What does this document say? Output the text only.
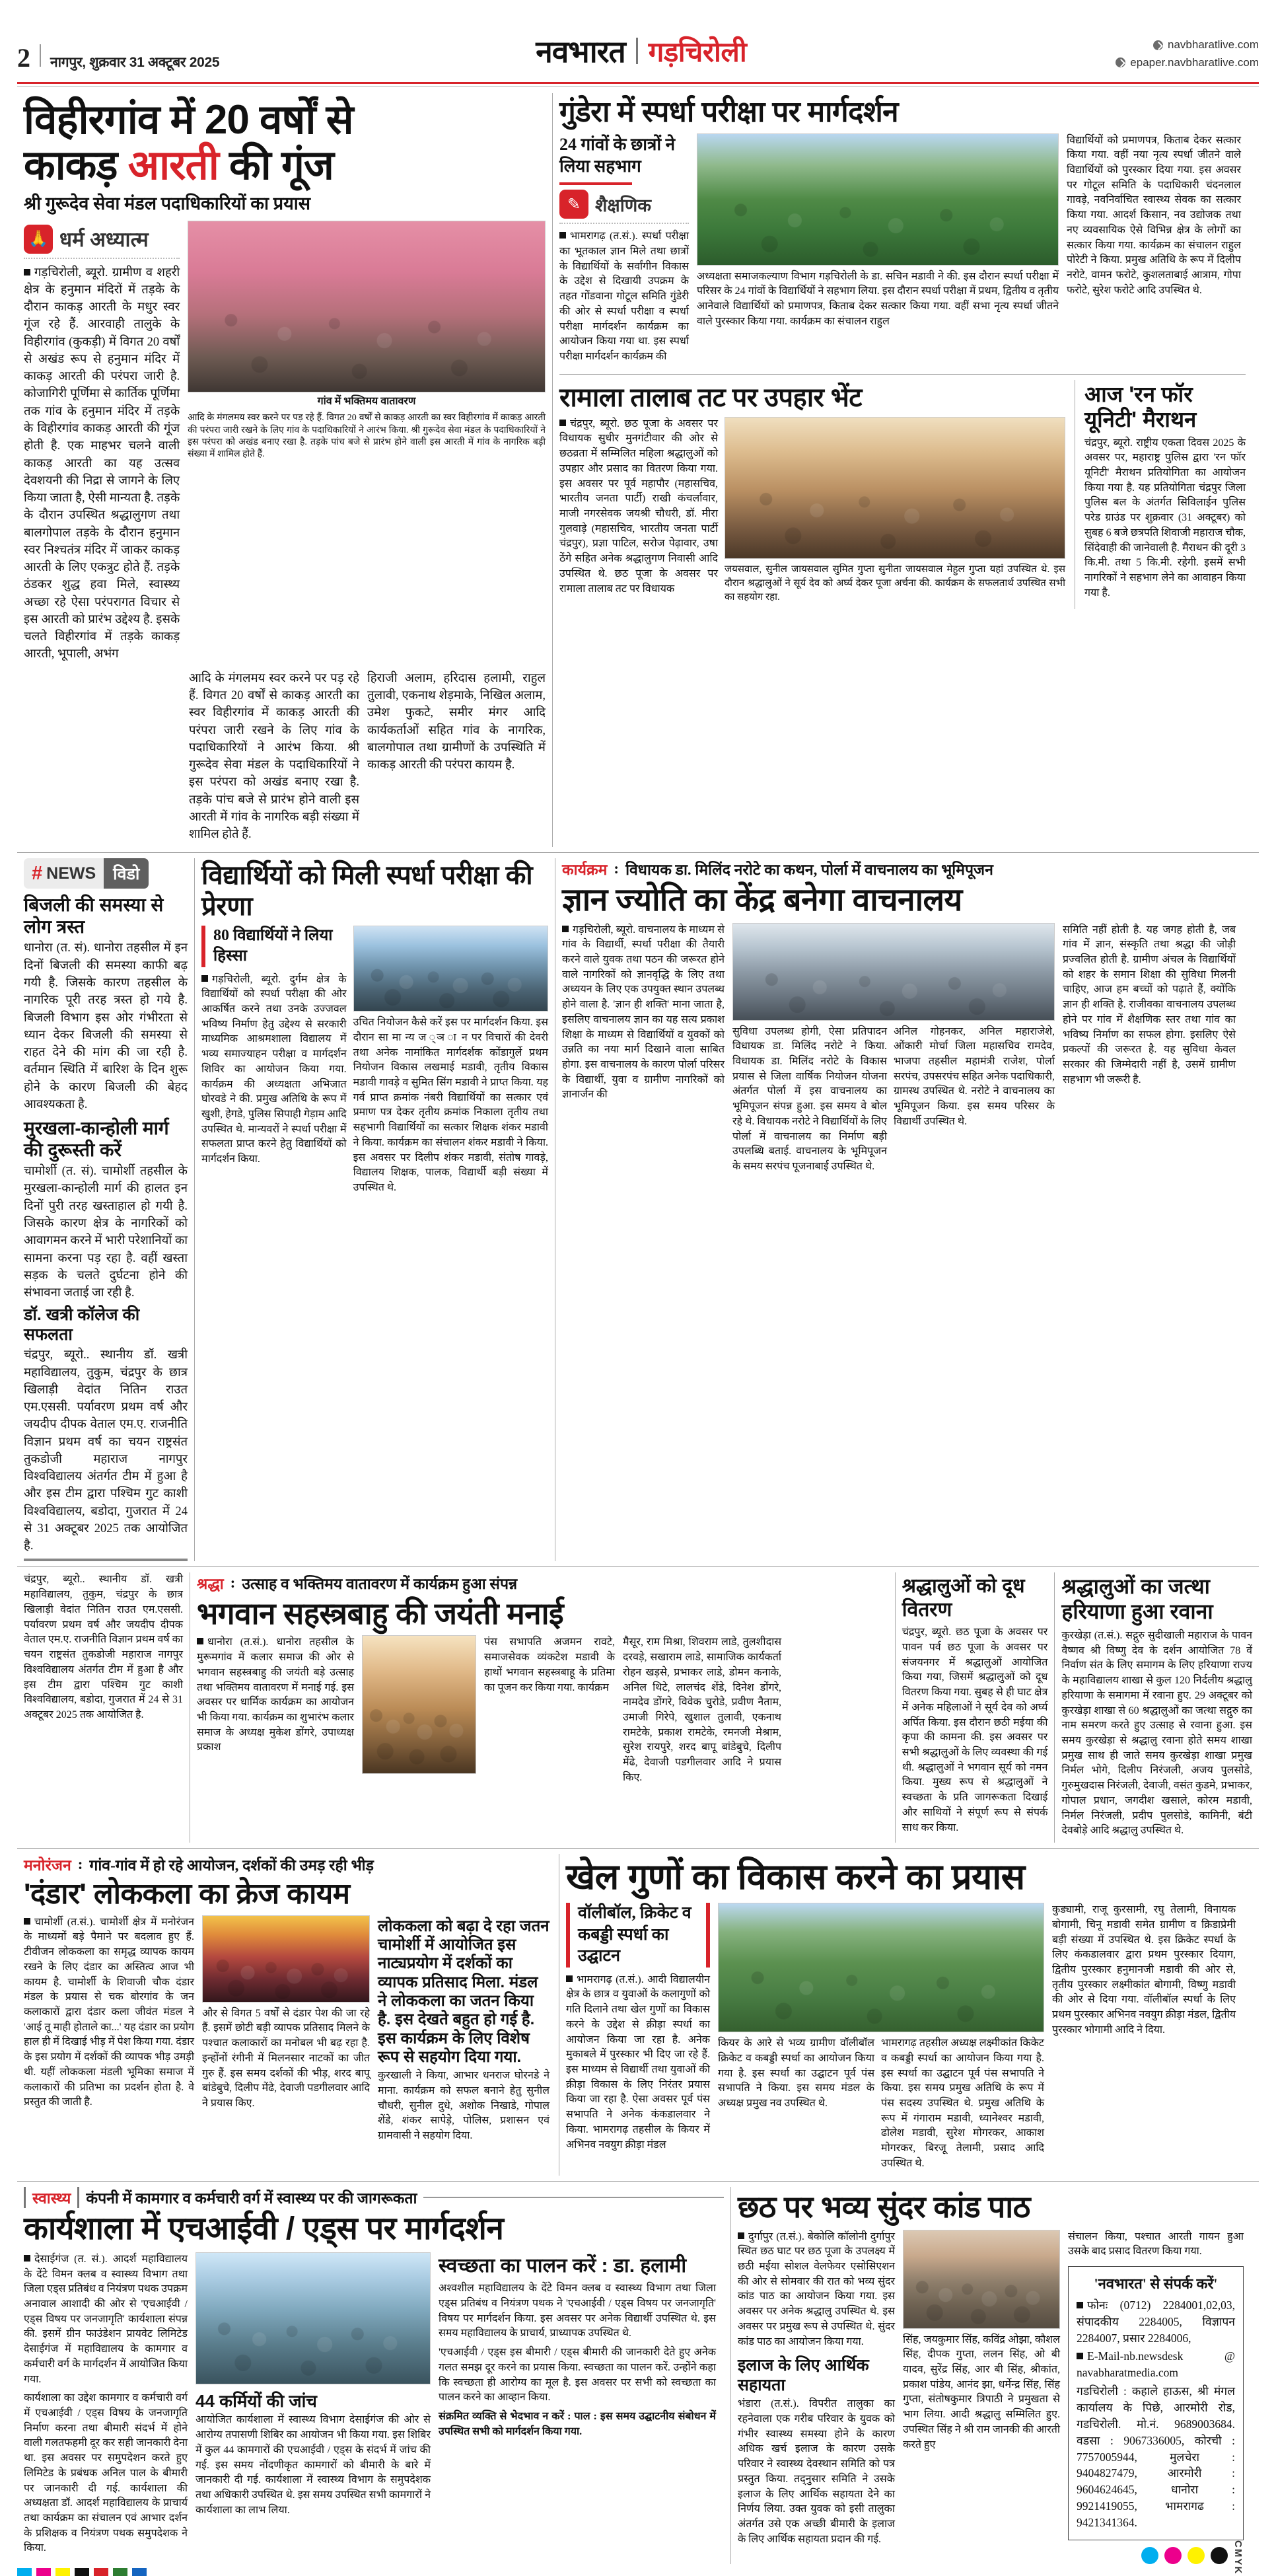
2 नागपुर, शुक्रवार 31 अक्टूबर 2025	नवभारत गड़चिरोली	navbharatlive.com
epaper.navbharatlive.com
विहीरगांव में 20 वर्षों से
काकड़ आरती की गूंज
श्री गुरूदेव सेवा मंडल पदाधिकारियों का प्रयास
🙏 धर्म अध्यात्म

गड़चिरोली, ब्यूरो. ग्रामीण व शहरी क्षेत्र के हनुमान मंदिरों में तड़के के दौरान काकड़ आरती के मधुर स्वर गूंज रहे हैं. आरवाही तालुके के विहीरगांव (कुकड़ी) में विगत 20 वर्षों से अखंड रूप से हनुमान मंदिर में काकड़ आरती की परंपरा जारी है. कोजागिरी पूर्णिमा से कार्तिक पूर्णिमा तक गांव के हनुमान मंदिर में तड़के के विहीरगांव काकड़ आरती की गूंज होती है. एक माहभर चलने वाली काकड़ आरती का यह उत्सव देवशयनी की निद्रा से जागने के लिए किया जाता है, ऐसी मान्यता है. तड़के के दौरान उपस्थित श्रद्धालुगण तथा बालगोपाल तड़के के दौरान हनुमान स्वर निश्चतंत्र मंदिर में जाकर काकड़ आरती के लिए एकत्रुट होते हैं. तड़के ठंडकर शुद्ध हवा मिले, स्वास्थ्य अच्छा रहे ऐसा परंपरागत विचार से इस आरती को प्रारंभ उद्देश्य है. इसके चलते विहीरगांव में तड़के काकड़ आरती, भूपाली, अभंग

गांव में भक्तिमय वातावरण

आदि के मंगलमय स्वर करने पर पड़ रहे हैं. विगत 20 वर्षों से काकड़ आरती का स्वर विहीरगांव में काकड़ आरती की परंपरा जारी रखने के लिए गांव के पदाधिकारियों ने आरंभ किया. श्री गुरूदेव सेवा मंडल के पदाधिकारियों ने इस परंपरा को अखंड बनाए रखा है. तड़के पांच बजे से प्रारंभ होने वाली इस आरती में गांव के नागरिक बड़ी संख्या में शामिल होते हैं.

आदि के मंगलमय स्वर करने पर पड़ रहे हैं. विगत 20 वर्षों से काकड़ आरती का स्वर विहीरगांव में काकड़ आरती की परंपरा जारी रखने के लिए गांव के पदाधिकारियों ने आरंभ किया. श्री गुरूदेव सेवा मंडल के पदाधिकारियों ने इस परंपरा को अखंड बनाए रखा है. तड़के पांच बजे से प्रारंभ होने वाली इस आरती में गांव के नागरिक बड़ी संख्या में शामिल होते हैं.

हिराजी अलाम, हरिदास हलामी, राहुल तुलावी, एकनाथ शेड़माके, निखिल अलाम, उमेश फुकटे, समीर मंगर आदि कार्यकर्ताओं सहित गांव के नागरिक, बालगोपाल तथा ग्रामीणों के उपस्थिति में काकड़ आरती की परंपरा कायम है.

गुंडेरा में स्पर्धा परीक्षा पर मार्गदर्शन
24 गांवों के छात्रों ने लिया सहभाग
✎ शैक्षणिक

भामरागढ़ (त.सं.). स्पर्धा परीक्षा का भूतकाल ज्ञान मिले तथा छात्रों के विद्यार्थियों के सर्वांगीन विकास के उद्देश से दिखायी उपक्रम के तहत गोंडवाना गोटूल समिति गुंडेरी की ओर से स्पर्धा परीक्षा व स्पर्धा परीक्षा मार्गदर्शन कार्यक्रम का आयोजन किया गया था. इस स्पर्धा परीक्षा मार्गदर्शन कार्यक्रम की

अध्यक्षता समाजकल्याण विभाग गड़चिरोली के डा. सचिन मडावी ने की. इस दौरान स्पर्धा परीक्षा में परिसर के 24 गांवों के विद्यार्थियों ने सहभाग लिया. इस दौरान स्पर्धा परीक्षा में प्रथम, द्वितीय व तृतीय आनेवाले विद्यार्थियों को प्रमाणपत्र, किताब देकर सत्कार किया गया. वहीं सभा नृत्य स्पर्धा जीतने वाले पुरस्कार किया गया. कार्यक्रम का संचालन राहुल

विद्यार्थियों को प्रमाणपत्र, किताब देकर सत्कार किया गया. वहीं नया नृत्य स्पर्धा जीतने वाले विद्यार्थियों को पुरस्कार दिया गया. इस अवसर पर गोटूल समिति के पदाधिकारी चंदनलाल गावड़े, नवनिर्वाचित स्वास्थ्य सेवक का सत्कार किया गया. आदर्श किसान, नव उद्योजक तथा नए व्यवसायिक ऐसे विभिन्न क्षेत्र के लोगों का सत्कार किया गया. कार्यक्रम का संचालन राहुल पोरेटी ने किया. प्रमुख अतिथि के रूप में दिलीप नरोटे, वामन फरोटे, कुशलताबाई आत्राम, गोपा फरोटे, सुरेश फरोटे आदि उपस्थित थे.

रामाला तालाब तट पर उपहार भेंट

चंद्रपुर, ब्यूरो. छठ पूजा के अवसर पर विधायक सुधीर मुनगंटीवार की ओर से छठव्रता में सम्मिलित महिला श्रद्धालुओं को उपहार और प्रसाद का वितरण किया गया. इस अवसर पर पूर्व महापौर (महासचिव, भारतीय जनता पार्टी) राखी कंचर्लावार, माजी नगरसेवक जयश्री चौधरी, डॉ. मीरा गुलवाड़े (महासचिव, भारतीय जनता पार्टी चंद्रपुर), प्रज्ञा पाटिल, सरोज पेढ़ावार, उषा ठेंगे सहित अनेक श्रद्धालुगण निवासी आदि उपस्थित थे. छठ पूजा के अवसर पर रामाला तालाब तट पर विधायक

जयसवाल, सुनील जायसवाल सुमित गुप्ता सुनीता जायसवाल मेहुल गुप्ता यहां उपस्थित थे. इस दौरान श्रद्धालुओं ने सूर्य देव को अर्घ्य देकर पूजा अर्चना की. कार्यक्रम के सफलतार्थ उपस्थित सभी का सहयोग रहा.

आज 'रन फॉर यूनिटी' मैराथन

चंद्रपुर, ब्यूरो. राष्ट्रीय एकता दिवस 2025 के अवसर पर, महाराष्ट्र पुलिस द्वारा 'रन फॉर यूनिटी' मैराथन प्रतियोगिता का आयोजन किया गया है. यह प्रतियोगिता चंद्रपुर जिला पुलिस बल के अंतर्गत सिविलाईन पुलिस परेड ग्राउंड पर शुक्रवार (31 अक्टूबर) को सुबह 6 बजे छत्रपति शिवाजी महाराज चौक, सिंदेवाही की जानेवाली है. मैराथन की दूरी 3 कि.मी. तथा 5 कि.मी. रहेगी. इसमें सभी नागरिकों ने सहभाग लेने का आवाहन किया गया है.

# NEWS	विडो
बिजली की समस्या से लोग त्रस्त

धानोरा (त. सं). धानोरा तहसील में इन दिनों बिजली की समस्या काफी बढ़ गयी है. जिसके कारण तहसील के नागरिक पूरी तरह त्रस्त हो गये है. बिजली विभाग इस ओर गंभीरता से ध्यान देकर बिजली की समस्या से राहत देने की मांग की जा रही है. वर्तमान स्थिति में बारिश के दिन शुरू होने के कारण बिजली की बेहद आवश्यकता है.

मुरखला-कान्होली मार्ग की दुरूस्ती करें

चामोर्शी (त. सं). चामोर्शी तहसील के मुरखला-कान्होली मार्ग की हालत इन दिनों पुरी तरह खस्ताहाल हो गयी है. जिसके कारण क्षेत्र के नागरिकों को आवागमन करने में भारी परेशानियों का सामना करना पड़ रहा है. वहीं खस्ता सड़क के चलते दुर्घटना होने की संभावना जताई जा रही है.

डॉ. खत्री कॉलेज की सफलता

चंद्रपुर, ब्यूरो.. स्थानीय डॉ. खत्री महाविद्यालय, तुकुम, चंद्रपुर के छात्र खिलाड़ी वेदांत नितिन राउत एम.एससी. पर्यावरण प्रथम वर्ष और जयदीप दीपक वेताल एम.ए. राजनीति विज्ञान प्रथम वर्ष का चयन राष्ट्रसंत तुकडोजी महाराज नागपुर विश्वविद्यालय अंतर्गत टीम में हुआ है और इस टीम द्वारा पश्चिम गुट काशी विश्वविद्यालय, बडोदा, गुजरात में 24 से 31 अक्टूबर 2025 तक आयोजित है.

विद्यार्थियों को मिली स्पर्धा परीक्षा की प्रेरणा
80 विद्यार्थियों ने लिया हिस्सा

गड़चिरोली, ब्यूरो. दुर्गम क्षेत्र के विद्यार्थियों को स्पर्धा परीक्षा की ओर आकर्षित करने तथा उनके उज्जवल भविष्य निर्माण हेतु उद्देश्य से सरकारी माध्यमिक आश्रमशाला विद्यालय में भव्य समाज्याहन परीक्षा व मार्गदर्शन शिविर का आयोजन किया गया. कार्यक्रम की अध्यक्षता अभिजात घोरवडे ने की. प्रमुख अतिथि के रूप में खुशी, हेगडे, पुलिस सिपाही गेड़ाम आदि उपस्थित थे. मान्यवरों ने स्पर्धा परीक्षा में सफलता प्राप्त करने हेतु विद्यार्थियों को मार्गदर्शन किया.

उचित नियोजन कैसे करें इस पर मार्गदर्शन किया. इस दौरान सा मा न्य ज ्ञ ा न पर विचारों की देवरी तथा अनेक नामांकित मार्गदर्शक कोंडागुर्ले प्रथम नियोजन विकास लखमाई मडावी, तृतीय विकास मडावी गावड़े व सुमित सिंग मडावी ने प्राप्त किया. यह गर्व प्राप्त क्रमांक नंबरी विद्यार्थियों का सत्कार एवं प्रमाण पत्र देकर तृतीय क्रमांक निकाला तृतीय तथा सहभागी विद्यार्थियों का सत्कार शिक्षक शंकर मडावी ने किया. कार्यक्रम का संचालन शंकर मडावी ने किया. इस अवसर पर दिलीप शंकर मडावी, संतोष गावड़े, विद्यालय शिक्षक, पालक, विद्यार्थी बड़ी संख्या में उपस्थित थे.

कार्यक्रम : विधायक डा. मिलिंद नरोटे का कथन, पोर्ला में वाचनालय का भूमिपूजन
ज्ञान ज्योति का केंद्र बनेगा वाचनालय

गड़चिरोली, ब्यूरो. वाचनालय के माध्यम से गांव के विद्यार्थी, स्पर्धा परीक्षा की तैयारी करने वाले युवक तथा पठन की जरूरत होने वाले नागरिकों को ज्ञानवृद्धि के लिए तथा अध्ययन के लिए एक उपयुक्त स्थान उपलब्ध होने वाला है. 'ज्ञान ही शक्ति' माना जाता है, इसलिए वाचनालय ज्ञान का यह सत्य प्रकाश शिक्षा के माध्यम से विद्यार्थियों व युवकों को उन्नति का नया मार्ग दिखाने वाला साबित होगा. इस वाचनालय के कारण पोर्ला परिसर के विद्यार्थी, युवा व ग्रामीण नागरिकों को ज्ञानार्जन की

सुविधा उपलब्ध होगी, ऐसा प्रतिपादन विधायक डा. मिलिंद नरोटे ने किया. विधायक डा. मिलिंद नरोटे के विकास प्रयास से जिला वार्षिक नियोजन योजना अंतर्गत पोर्ला में इस वाचनालय का भूमिपूजन संपन्न हुआ. इस समय वे बोल रहे थे. विधायक नरोटे ने विद्यार्थियों के लिए पोर्ला में वाचनालय का निर्माण बड़ी उपलब्धि बताई. वाचनालय के भूमिपूजन के समय सरपंच पूजनाबाई उपस्थित थे.

अनिल गोहनकर, अनिल महाराजेशे, ओंकारी मोर्चा जिला महासचिव रामदेव, भाजपा तहसील महामंत्री राजेश, पोर्ला सरपंच, उपसरपंच सहित अनेक पदाधिकारी, ग्रामस्थ उपस्थित थे. नरोटे ने वाचनालय का भूमिपूजन किया. इस समय परिसर के विद्यार्थी उपस्थित थे.

समिति नहीं होती है. यह जगह होती है, जब गांव में ज्ञान, संस्कृति तथा श्रद्धा की जोड़ी प्रज्वलित होती है. ग्रामीण अंचल के विद्यार्थियों को शहर के समान शिक्षा की सुविधा मिलनी चाहिए, आज हम बच्चों को पढ़ाते हैं, क्योंकि ज्ञान ही शक्ति है. राजीवका वाचनालय उपलब्ध होने पर गांव में शैक्षणिक स्तर तथा गांव का भविष्य निर्माण का सफल होगा. इसलिए ऐसे प्रकल्पों की जरूरत है. यह सुविधा केवल सरकार की जिम्मेदारी नहीं है, उसमें ग्रामीण सहभाग भी जरूरी है.

चंद्रपुर, ब्यूरो.. स्थानीय डॉ. खत्री महाविद्यालय, तुकुम, चंद्रपुर के छात्र खिलाड़ी वेदांत नितिन राउत एम.एससी. पर्यावरण प्रथम वर्ष और जयदीप दीपक वेताल एम.ए. राजनीति विज्ञान प्रथम वर्ष का चयन राष्ट्रसंत तुकडोजी महाराज नागपुर विश्वविद्यालय अंतर्गत टीम में हुआ है और इस टीम द्वारा पश्चिम गुट काशी विश्वविद्यालय, बडोदा, गुजरात में 24 से 31 अक्टूबर 2025 तक आयोजित है.

श्रद्धा : उत्साह व भक्तिमय वातावरण में कार्यक्रम हुआ संपन्न
भगवान सहस्त्रबाहु की जयंती मनाई

धानोरा (त.सं.). धानोरा तहसील के मुरूमगांव में कलार समाज की ओर से भगवान सहस्त्रबाहु की जयंती बड़े उत्साह तथा भक्तिमय वातावरण में मनाई गई. इस अवसर पर धार्मिक कार्यक्रम का आयोजन भी किया गया. कार्यक्रम का शुभारंभ कलार समाज के अध्यक्ष मुकेश डोंगरे, उपाध्यक्ष प्रकाश

पंस सभापति अजमन रावटे, समाजसेवक व्यंकटेश मडावी के हाथों भगवान सहस्त्रबाहू के प्रतिमा का पूजन कर किया गया. कार्यक्रम

मैसूर, राम मिश्रा, शिवराम लाडे, तुलशीदास दरवड़े, सखाराम लाडे, सामाजिक कार्यकर्ता रोहन खड़से, प्रभाकर लाडे, डोमन कनाके, अनिल थिटे, लालचंद शेंडे, दिनेश डोंगरे, नामदेव डोंगरे, विवेक चुरोडे, प्रवीण नैताम, उमाजी गिरेपे, खुशाल तुलावी, एकनाथ रामटेके, प्रकाश रामटेके, रमनजी मेश्राम, सुरेश रायपुरे, शरद बापू बांडेबुचे, दिलीप मेंढे, देवाजी पडगीलवार आदि ने प्रयास किए.

श्रद्धालुओं को दूध वितरण

चंद्रपुर, ब्यूरो. छठ पूजा के अवसर पर पावन पर्व छठ पूजा के अवसर पर संजयनगर में श्रद्धालुओं आयोजित किया गया, जिसमें श्रद्धालुओं को दूध वितरण किया गया. सुबह से ही घाट क्षेत्र में अनेक महिलाओं ने सूर्य देव को अर्घ्य अर्पित किया. इस दौरान छठी मईया की कृपा की कामना की. इस अवसर पर सभी श्रद्धालुओं के लिए व्यवस्था की गई थी. श्रद्धालुओं ने भगवान सूर्य को नमन किया. मुख्य रूप से श्रद्धालुओं ने स्वच्छता के प्रति जागरूकता दिखाई और साथियों ने संपूर्ण रूप से संपर्क साध कर किया.

श्रद्धालुओं का जत्था हरियाणा हुआ रवाना

कुरखेड़ा (त.सं.). सद्गुरु सुदीखाली महाराज के पावन वैष्णव श्री विष्णु देव के दर्शन आयोजित 78 वें निर्वाण संत के लिए समागम के लिए हरियाणा राज्य के महाविद्यालय शाखा से कुल 120 निर्दलीय श्रद्धालु हरियाणा के समागमा में रवाना हुए. 29 अक्टूबर को कुरखेड़ा शाखा से 60 श्रद्धालुओं का जत्था सद्गुरु का नाम समरण करते हुए उत्साह से रवाना हुआ. इस समय कुरखेड़ा से श्रद्धालु रवाना होते समय शाखा प्रमुख साथ ही जाते समय कुरखेड़ा शाखा प्रमुख निर्मल भोगे, दिलीप निरंजली, अजय पुलसोडे, गुरुमुखदास निरंजली, देवाजी, वसंत कुडमे, प्रभाकर, गोपाल प्रधान, जगदीश खसाले, कोरम मडावी, निर्मल निरंजली, प्रदीप पुलसोडे, कामिनी, बंटी देवबोड़े आदि श्रद्धालु उपस्थित थे.

मनोरंजन : गांव-गांव में हो रहे आयोजन, दर्शकों की उमड़ रही भीड़
'दंडार' लोककला का क्रेज कायम

चामोर्शी (त.सं.). चामोर्शी क्षेत्र में मनोरंजन के माध्यमों बड़े पैमाने पर बदलाव हुए हैं. टीवीजन लोककला का समृद्ध व्यापक कायम रखने के लिए दंडार का अस्तित्व आज भी कायम है. चामोर्शी के शिवाजी चौक दंडार मंडल के प्रयास से चक बोरगांव के जन कलाकारों द्वारा दंडार कला जीवंत मंडल ने 'आई तू माही होताले का...' यह दंडार का प्रयोग हाल ही में दिखाई भीड़ में पेश किया गया. दंडार के इस प्रयोग में दर्शकों की व्यापक भीड़ उमड़ी थी. यहीं लोककला मंडली भूमिका समाज में कलाकारों की प्रतिभा का प्रदर्शन होता है. वे प्रस्तुत की जाती है.

और से विगत 5 वर्षों से दंडार पेश की जा रहे हैं. इसमें छोटी बड़ी व्यापक प्रतिसाद मिलने के पश्चात कलाकारों का मनोबल भी बढ़ रहा है. इन्होंनों रंगीनी में मिलनसार नाटकों का जीत गुरु हैं. इस समय दर्शकों की भीड़, शरद बापू बांडेबुचे, दिलीप मेंढे, देवाजी पडगीलवार आदि ने प्रयास किए.

लोककला को बढ़ा दे रहा जतन चामोर्शी में आयोजित इस नाट्यप्रयोग में दर्शकों का व्यापक प्रतिसाद मिला. मंडल ने लोककला का जतन किया है. इस देखते बहुत हो गई है. इस कार्यक्रम के लिए विशेष रूप से सहयोग दिया गया.

कुरखाली ने किया, आभार धनराज घोरनडे ने माना. कार्यक्रम को सफल बनाने हेतु सुनील चौधरी, सुनील दुधे, अशोक निखाडे, गोपाल शेंडे, शंकर सापेड़े, पोलिस, प्रशासन एवं ग्रामवासी ने सहयोग दिया.

खेल गुणों का विकास करने का प्रयास
वॉलीबॉल, क्रिकेट व कबड्डी स्पर्धा का उद्घाटन

भामरागढ़ (त.सं.). आदी विद्यालयीन क्षेत्र के छात्र व युवाओं के कलागुणों को गति दिलाने तथा खेल गुणों का विकास करने के उद्देश से क्रीड़ा स्पर्धा का आयोजन किया जा रहा है. अनेक मुकाबले में पुरस्कार भी दिए जा रहे हैं. इस माध्यम से विद्यार्थी तथा युवाओं की क्रीड़ा विकास के लिए निरंतर प्रयास किया जा रहा है. ऐसा अवसर पूर्व पंस सभापति ने अनेक कंकडालवार ने किया. भामरागढ़ तहसील के कियर में अभिनव नवयुग क्रीड़ा मंडल

कियर के आरे से भव्य ग्रामीण वॉलीबॉल क्रिकेट व कबड्डी स्पर्धा का आयोजन किया गया है. इस स्पर्धा का उद्घाटन पूर्व पंस सभापति ने किया. इस समय मंडल के अध्यक्ष प्रमुख नव उपस्थित थे.

भामरागढ़ तहसील अध्यक्ष लक्ष्मीकांत किकेट व कबड्डी स्पर्धा का आयोजन किया गया है. इस स्पर्धा का उद्घाटन पूर्व पंस सभापति ने किया. इस समय प्रमुख अतिथि के रूप में पंस सदस्य उपस्थित थे. प्रमुख अतिथि के रूप में गंगाराम मडावी, ध्यानेश्वर मडावी, ढोलेश मडावी, सुरेश मोगरकर, आकाश मोगरकर, बिरजू तेलामी, प्रसाद आदि उपस्थित थे.

कुड्यामी, राजू कुरसामी, रघु तेलामी, विनायक बोगामी, चिनू मडावी समेत ग्रामीण व क्रिडाप्रेमी बड़ी संख्या में उपस्थित थे. इस क्रिकेट स्पर्धा के लिए कंकडालवार द्वारा प्रथम पुरस्कार दियाग, द्वितीय पुरस्कार हनुमानजी मडावी की ओर से, तृतीय पुरस्कार लक्ष्मीकांत बोगामी, विष्णु मडावी की ओर से दिया गया. वॉलीबॉल स्पर्धा के लिए प्रथम पुरस्कार अभिनव नवयुग क्रीड़ा मंडल, द्वितीय पुरस्कार भोगामी आदि ने दिया.

स्वास्थ्य कंपनी में कामगार व कर्मचारी वर्ग में स्वास्थ्य पर की जागरूकता
कार्यशाला में एचआईवी / एड्स पर मार्गदर्शन

देसाईगंज (त. सं.). आदर्श महाविद्यालय के देंटे विमन क्लब व स्वास्थ्य विभाग तथा जिला एड्स प्रतिबंध व नियंत्रण पथक उपक्रम अनावाल आशादी की ओर से 'एचआईवी / एड्स विषय पर जनजागृति' कार्यशाला संपन्न की. इसमें ग्रीन फाउंडेशन प्रायवेट लिमिटेड देसाईगंज में महाविद्यालय के कामगार व कर्मचारी वर्ग के मार्गदर्शन में आयोजित किया गया.

कार्यशाला का उद्देश कामगार व कर्मचारी वर्ग में एचआईवी / एड्स विषय के जनजागृति निर्माण करना तथा बीमारी संदर्भ में होने वाली गलतफहमी दूर कर सही जानकारी देना था. इस अवसर पर समुपदेशन करते हुए लिमिटेड के प्रबंधक अनिल पाल के बीमारी पर जानकारी दी गई. कार्यशाला की अध्यक्षता डॉ. आदर्श महाविद्यालय के प्राचार्य तथा कार्यक्रम का संचालन एवं आभार दर्शन के प्रशिक्षक व नियंत्रण पथक समुपदेशक ने किया.

44 कर्मियों की जांच

आयोजित कार्यशाला में स्वास्थ्य विभाग देसाईगंज की ओर से आरोग्य तपासणी शिबिर का आयोजन भी किया गया. इस शिबिर में कुल 44 कामगारों की एचआईवी / एड्स के संदर्भ में जांच की गई. इस समय नोंदणीकृत कामगारों को बीमारी के बारे में जानकारी दी गई. कार्यशाला में स्वास्थ्य विभाग के समुपदेशक तथा अधिकारी उपस्थित थे. इस समय उपस्थित सभी कामगारों ने कार्यशाला का लाभ लिया.

स्वच्छता का पालन करें : डा. हलामी

अश्वशील महाविद्यालय के देंटे विमन क्लब व स्वास्थ्य विभाग तथा जिला एड्स प्रतिबंध व नियंत्रण पथक ने 'एचआईवी / एड्स विषय पर जनजागृति' विषय पर मार्गदर्शन किया. इस अवसर पर अनेक विद्यार्थी उपस्थित थे. इस समय महाविद्यालय के प्राचार्य, प्राध्यापक उपस्थित थे.

'एचआईवी / एड्स इस बीमारी / एड्स बीमारी की जानकारी देते हुए अनेक गलत समझ दूर करने का प्रयास किया. स्वच्छता का पालन करें. उन्होंने कहा कि स्वच्छता ही आरोग्य का मूल है. इस अवसर पर सभी को स्वच्छता का पालन करने का आव्हान किया.

संक्रमित व्यक्ति से भेदभाव न करें : पाल : इस समय उद्घाटनीय संबोधन में उपस्थित सभी को मार्गदर्शन किया गया.

छठ पर भव्य सुंदर कांड पाठ

दुर्गापुर (त.सं.). बेकोलि कॉलोनी दुर्गापुर स्थित छठ घाट पर छठ पूजा के उपलक्ष्य में छठी मईया सोशल वेलफेयर एसोसिएशन की ओर से सोमवार की रात को भव्य सुंदर कांड पाठ का आयोजन किया गया. इस अवसर पर अनेक श्रद्धालु उपस्थित थे. इस अवसर पर प्रमुख रूप से उपस्थित थे. सुंदर कांड पाठ का आयोजन किया गया.

इलाज के लिए आर्थिक सहायता

भंडारा (त.सं.). विपरीत तालुका का रहनेवाला एक गरीब परिवार के युवक को गंभीर स्वास्थ्य समस्या होने के कारण अधिक खर्च इलाज के कारण उसके परिवार ने स्वास्थ्य देवस्थान समिति को पत्र प्रस्तुत किया. तद्नुसार समिति ने उसके इलाज के लिए आर्थिक सहायता देने का निर्णय लिया. उक्त युवक को इसी तालुका अंतर्गत उसे एक अच्छी बीमारी के इलाज के लिए आर्थिक सहायता प्रदान की गई.

सिंह, जयकुमार सिंह, कविंद्र ओझा, कौशल सिंह, दीपक गुप्ता, ललन सिंह, ओ बी यादव, सुरेंद्र सिंह, आर बी सिंह, श्रीकांत, प्रकाश पांडेय, आनंद झा, धर्मेन्द्र सिंह, सिंह गुप्ता, संतोषकुमार त्रिपाठी ने प्रमुखता से भाग लिया. आदी श्रद्धालु सम्मिलित हुए. उपस्थित सिंह ने श्री राम जानकी की आरती करते हुए

संचालन किया, पश्चात आरती गायन हुआ उसके बाद प्रसाद वितरण किया गया.

'नवभारत' से संपर्क करें'

फोनः (0712) 2284001,02,03, संपादकीय 2284005, विज्ञापन 2284007, प्रसार 2284006,

E-Mail-nb.newsdesk @ navabharatmedia.com

गडचिरोली : कहाले हाऊस, श्री मंगल कार्यालय के पिछे, आरमोरी रोड, गडचिरोली. मो.नं. 9689003684. वडसा : 9067336005, कोरची : 7757005944, मुलचेरा : 9404827479, आरमोरी : 9604624645, धानोरा : 9921419055, भामरागढ : 9421341364.

CMYK
